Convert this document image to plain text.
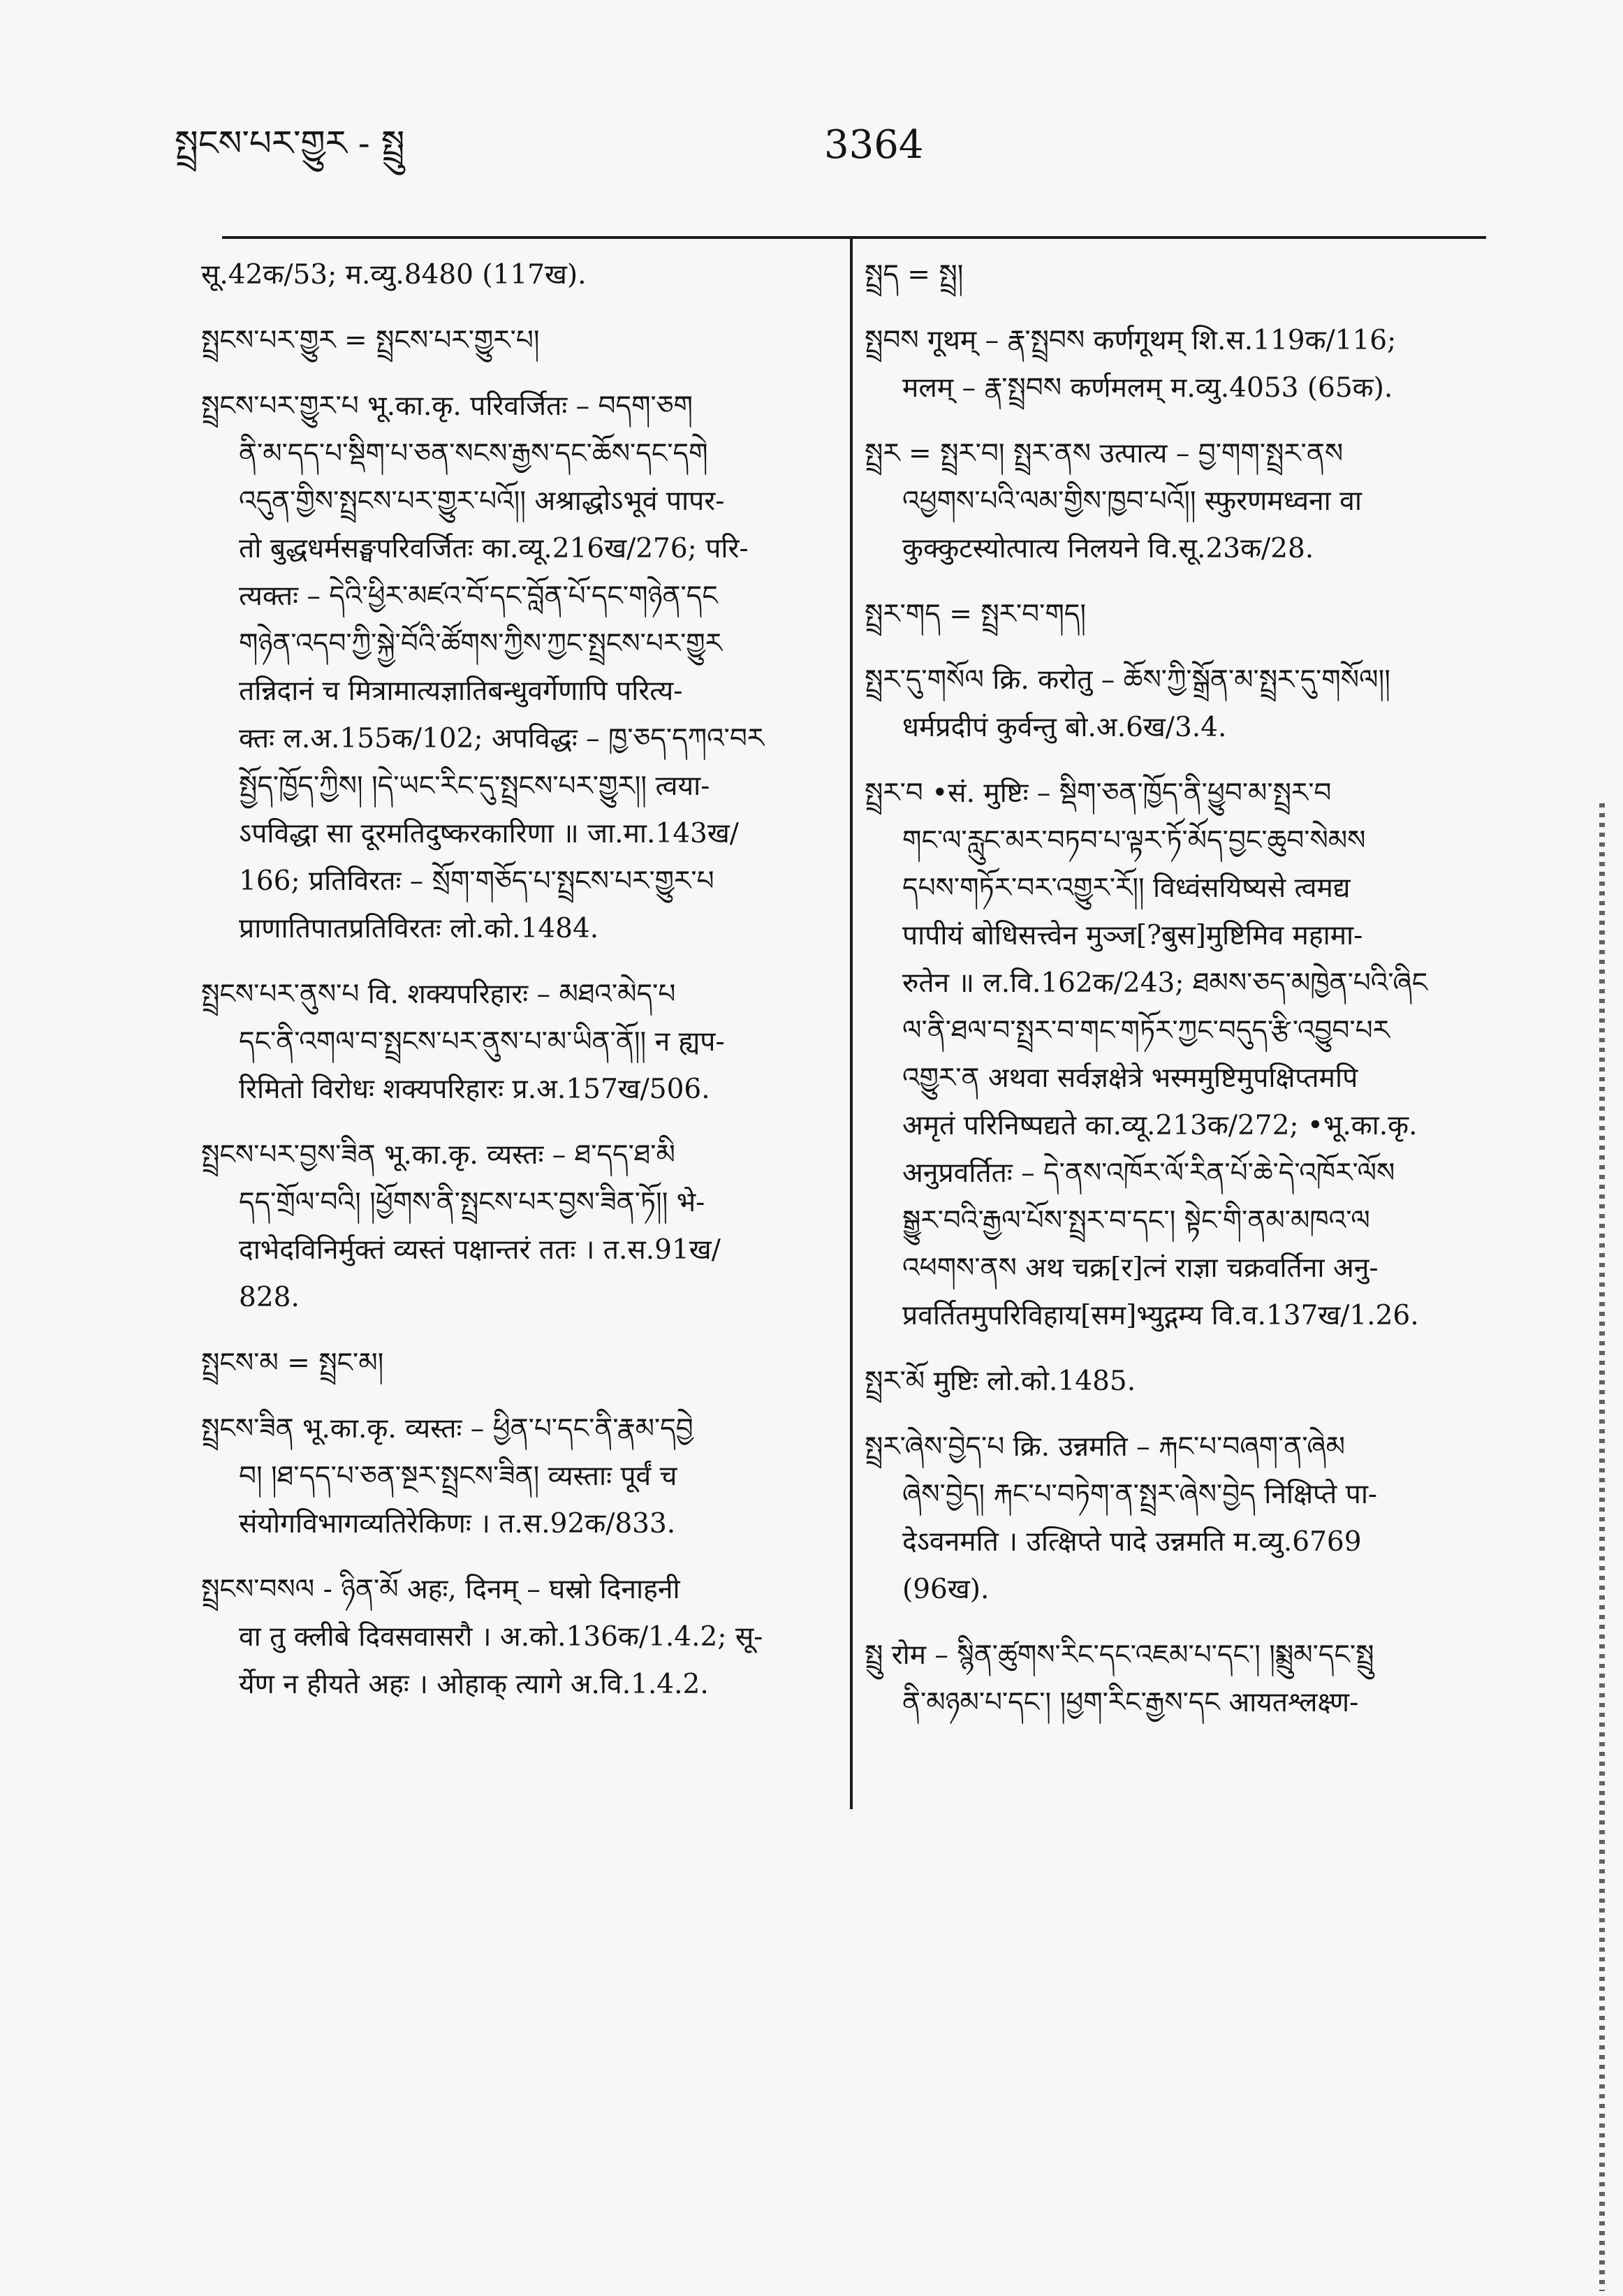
སྤྲངས་པར་གྱུར - སྤྲུ	3364
सू.42क/53; म.व्यु.8480 (117ख).
སྤྲངས་པར་གྱུར = སྤྲངས་པར་གྱུར་པ།
སྤྲངས་པར་གྱུར་པ भू.का.कृ. परिवर्जितः – བདག་ཅག
ནི་མ་དད་པ་སྡིག་པ་ཅན་སངས་རྒྱས་དང་ཆོས་དང་དགེ
འདུན་གྱིས་སྤྲངས་པར་གྱུར་པའོ།། अश्राद्धोऽभूवं पापर-
तो बुद्धधर्मसङ्घपरिवर्जितः का.व्यू.216ख/276; परि-
त्यक्तः – དེའི་ཕྱིར་མཛའ་བོ་དང་བློན་པོ་དང་གཉེན་དང
གཉེན་འདབ་ཀྱི་སྐྱེ་བོའི་ཚོགས་ཀྱིས་ཀྱང་སྤྲངས་པར་གྱུར
तन्निदानं च मित्रामात्यज्ञातिबन्धुवर्गेणापि परित्य-
क्तः ल.अ.155क/102; अपविद्धः – ཁྱ་ཅད་དཀའ་བར
སྤྱོད་ཁྱོད་ཀྱིས། །དེ་ཡང་རིང་དུ་སྤྲངས་པར་གྱུར།། त्वया-
ऽपविद्धा सा दूरमतिदुष्करकारिणा ॥ जा.मा.143ख/
166; प्रतिविरतः – སྲོག་གཅོད་པ་སྤྲངས་པར་གྱུར་པ
प्राणातिपातप्रतिविरतः लो.को.1484.
སྤྲངས་པར་ནུས་པ वि. शक्यपरिहारः – མཐའ་མེད་པ
དང་ནི་འགལ་བ་སྤྲངས་པར་ནུས་པ་མ་ཡིན་ནོ།། न ह्यप-
रिमितो विरोधः शक्यपरिहारः प्र.अ.157ख/506.
སྤྲངས་པར་བྱས་ཟིན भू.का.कृ. व्यस्तः – ཐ་དད་ཐ་མི
དད་གྲོལ་བའི། །ཕྱོགས་ནི་སྤྲངས་པར་བྱས་ཟིན་ཏོ།། भे-
दाभेदविनिर्मुक्तं व्यस्तं पक्षान्तरं ततः । त.स.91ख/
828.
སྤྲངས་མ = སྤྲང་མ།
སྤྲངས་ཟིན भू.का.कृ. व्यस्तः – ཕྱིན་པ་དང་ནི་རྣམ་དབྱེ
བ། །ཐ་དད་པ་ཅན་སྔར་སྤྲངས་ཟིན། व्यस्ताः पूर्वं च
संयोगविभागव्यतिरेकिणः । त.स.92क/833.
སྤྲངས་བསལ - ཉིན་མོ अहः, दिनम् – घस्रो दिनाहनी
वा तु क्लीबे दिवसवासरौ । अ.को.136क/1.4.2; सू-
र्येण न हीयते अहः । ओहाक् त्यागे अ.वि.1.4.2.
སྤྲད = སྤྲ།
སྤྲབས गूथम् – རྣ་སྤྲབས कर्णगूथम् शि.स.119क/116;
मलम् – རྣ་སྤྲབས कर्णमलम् म.व्यु.4053 (65क).
སྤྲར = སྤྲར་བ། སྤྲར་ནས उत्पात्य – བྱ་གག་སྤྲར་ནས
འཕྱགས་པའི་ལམ་གྱིས་ཁྱབ་པའོ།། स्फुरणमध्वना वा
कुक्कुटस्योत्पात्य निलयने वि.सू.23क/28.
སྤྲར་གད = སྤྲར་བ་གད།
སྤྲར་དུ་གསོལ क्रि. करोतु – ཆོས་ཀྱི་སྒྲོན་མ་སྤྲར་དུ་གསོལ།།
धर्मप्रदीपं कुर्वन्तु बो.अ.6ख/3.4.
སྤྲར་བ •सं. मुष्टिः – སྡིག་ཅན་ཁྱོད་ནི་ཕྱུབ་མ་སྤྲར་བ
གང་ལ་རླུང་མར་བཏབ་པ་ལྟར་ཏོ་མོད་བྱང་ཆུབ་སེམས
དཔས་གཏོར་བར་འགྱུར་རོ།། विध्वंसयिष्यसे त्वमद्य
पापीयं बोधिसत्त्वेन मुञ्ज[?बुस]मुष्टिमिव महामा-
रुतेन ॥ ल.वि.162क/243; ཐམས་ཅད་མཁྱེན་པའི་ཞིང
ལ་ནི་ཐལ་བ་སྤྲར་བ་གང་གཏོར་ཀྱང་བདུད་རྩི་འབྱུབ་པར
འགྱུར་ན अथवा सर्वज्ञक्षेत्रे भस्ममुष्टिमुपक्षिप्तमपि
अमृतं परिनिष्पद्यते का.व्यू.213क/272; •भू.का.कृ.
अनुप्रवर्तितः – དེ་ནས་འཁོར་ལོ་རིན་པོ་ཆེ་དེ་འཁོར་ལོས
སྒྱུར་བའི་རྒྱལ་པོས་སྤྲར་བ་དང་། སྟེང་གི་ནམ་མཁའ་ལ
འཕགས་ནས अथ चक्र[र]त्नं राज्ञा चक्रवर्तिना अनु-
प्रवर्तितमुपरिविहाय[सम]भ्युद्गम्य वि.व.137ख/1.26.
སྤྲར་མོ मुष्टिः लो.को.1485.
སྤྲར་ཞེས་བྱེད་པ क्रि. उन्नमति – རྐང་པ་བཞག་ན་ཞེམ
ཞེས་བྱེད། རྐང་པ་བཏེག་ན་སྤྲར་ཞེས་བྱེད निक्षिप्ते पा-
देऽवनमति । उत्क्षिप्ते पादे उन्नमति म.व्यु.6769
(96ख).
སྤྲུ रोम – སྙིན་ཚུགས་རིང་དང་འཇམ་པ་དང་། །སྨྲུམ་དང་སྤྲུ
ནི་མཉམ་པ་དང་། །ཕྱག་རིང་རྒྱས་དང आयतश्लक्ष्ण-
